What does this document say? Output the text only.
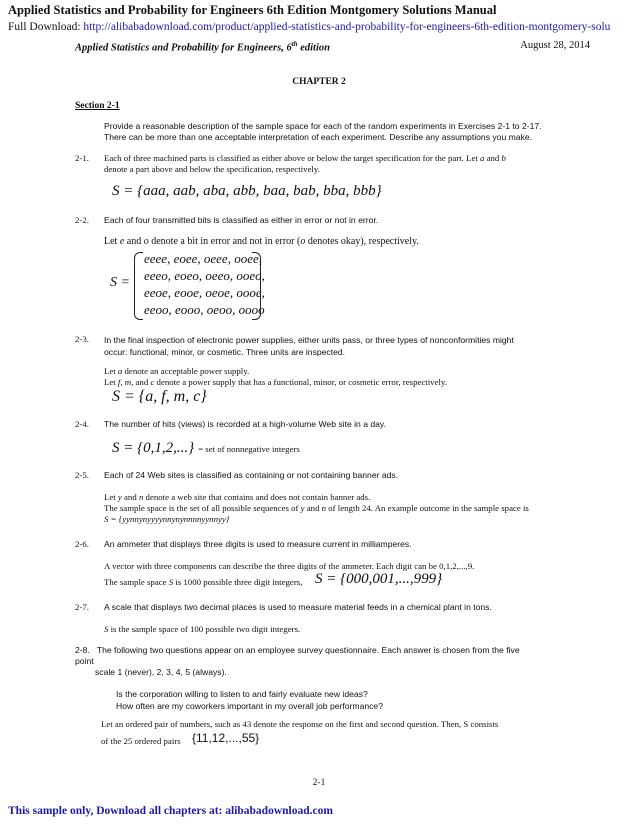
Applied Statistics and Probability for Engineers 6th Edition Montgomery Solutions Manual
Full Download: http://alibabadownload.com/product/applied-statistics-and-probability-for-engineers-6th-edition-montgomery-solu
Applied Statistics and Probability for Engineers, 6th edition	August 28, 2014
CHAPTER 2
Section 2-1
Provide a reasonable description of the sample space for each of the random experiments in Exercises 2-1 to 2-17.
There can be more than one acceptable interpretation of each experiment. Describe any assumptions you make.
2-1. Each of three machined parts is classified as either above or below the target specification for the part. Let a and b
denote a part above and below the specification, respectively.
S = {aaa, aab, aba, abb, baa, bab, bba, bbb}
2-2. Each of four transmitted bits is classified as either in error or not in error.
Let e and o denote a bit in error and not in error (o denotes okay), respectively.
S =
eeee, eoee, oeee, ooee,
eeeo, eoeo, oeeo, ooeo,
eeoe, eooe, oeoe, oooe,
eeoo, eooo, oeoo, oooo
2-3. In the final inspection of electronic power supplies, either units pass, or three types of nonconformities might
occur: functional, minor, or cosmetic. Three units are inspected.
Let a denote an acceptable power supply.
Let f, m, and c denote a power supply that has a functional, minor, or cosmetic error, respectively.
S = {a, f, m, c}
2-4. The number of hits (views) is recorded at a high-volume Web site in a day.
S = {0,1,2,...} = set of nonnegative integers
2-5. Each of 24 Web sites is classified as containing or not containing banner ads.
Let y and n denote a web site that contains and does not contain banner ads.
The sample space is the set of all possible sequences of y and n of length 24. An example outcome in the sample space is
S = {yynnynyyyynnynynnnnyynnyy}
2-6. An ammeter that displays three digits is used to measure current in milliamperes.
A vector with three components can describe the three digits of the ammeter. Each digit can be 0,1,2,...,9.
The sample space S is 1000 possible three digit integers, S = {000,001,...,999}
2-7. A scale that displays two decimal places is used to measure material feeds in a chemical plant in tons.
S is the sample space of 100 possible two digit integers.
2-8. The following two questions appear on an employee survey questionnaire. Each answer is chosen from the five
point
scale 1 (never), 2, 3, 4, 5 (always).
Is the corporation willing to listen to and fairly evaluate new ideas?
How often are my coworkers important in my overall job performance?
Let an ordered pair of numbers, such as 43 denote the response on the first and second question. Then, S consists
of the 25 ordered pairs {11,12,...,55}
2-1
This sample only, Download all chapters at: alibabadownload.com
